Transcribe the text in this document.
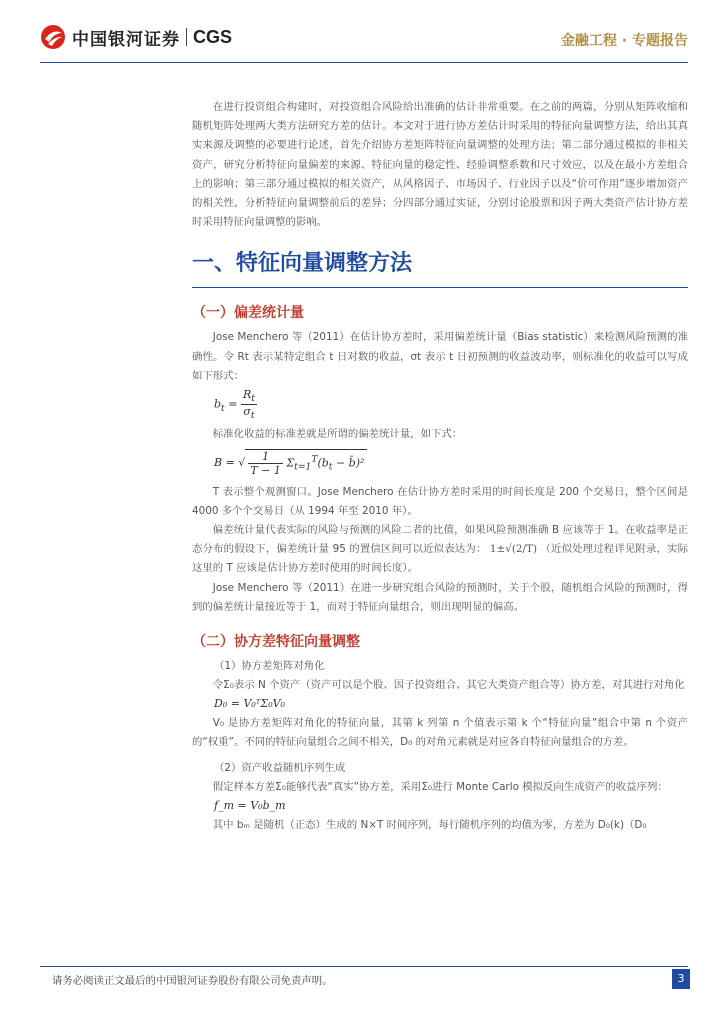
中国银河证券 CGS	金融工程 · 专题报告

在进行投资组合构建时，对投资组合风险给出准确的估计非常重要。在之前的两篇，分别从矩阵收缩和随机矩阵处理两大类方法研究方差的估计。本文对于进行协方差估计时采用的特征向量调整方法，给出其真实来源及调整的必要进行论述，首先介绍协方差矩阵特征向量调整的处理方法；第二部分通过模拟的非相关资产，研究分析特征向量偏差的来源、特征向量的稳定性、经验调整系数和尺寸效应，以及在最小方差组合上的影响；第三部分通过模拟的相关资产，从风格因子、市场因子、行业因子以及“价可作用”逐步增加资产的相关性，分析特征向量调整前后的差异；分四部分通过实证，分别讨论股票和因子两大类资产估计协方差时采用特征向量调整的影响。

一、特征向量调整方法
（一）偏差统计量

Jose Menchero 等（2011）在估计协方差时，采用偏差统计量（Bias statistic）来检测风险预测的准确性。令 Rt 表示某特定组合 t 日对数的收益，σt 表示 t 日初预测的收益波动率，则标准化的收益可以写成如下形式：

$b_t = \frac{R_t}{\sigma_t}$

标准化收益的标准差就是所谓的偏差统计量，如下式：

B = √ $\frac{1}{T - 1} \Sigma_{t=1}^T(b_t$ − b̄)²

T 表示整个观测窗口。Jose Menchero 在估计协方差时采用的时间长度是 200 个交易日，整个区间是 4000 多个个交易日（从 1994 年至 2010 年）。

偏差统计量代表实际的风险与预测的风险二者的比值，如果风险预测准确 B 应该等于 1。在收益率是正态分布的假设下，偏差统计量 95 的置信区间可以近似表达为： 1±√(2/T) （近似处理过程详见附录，实际这里的 T 应该是估计协方差时使用的时间长度）。

Jose Menchero 等（2011）在进一步研究组合风险的预测时，关于个股，随机组合风险的预测时，得到的偏差统计量接近等于 1，而对于特征向量组合，则出现明显的偏高。

（二）协方差特征向量调整
（1）协方差矩阵对角化

令Σ₀表示 N 个资产（资产可以是个股、因子投资组合、其它大类资产组合等）协方差，对其进行对角化

D₀ = V₀ᵀΣ₀V₀

V₀ 是协方差矩阵对角化的特征向量，其第 k 列第 n 个值表示第 k 个“特征向量”组合中第 n 个资产的“权重”。不同的特征向量组合之间不相关，D₀ 的对角元素就是对应各自特征向量组合的方差。

（2）资产收益随机序列生成

假定样本方差Σ₀能够代表“真实”协方差，采用Σ₀进行 Monte Carlo 模拟反向生成资产的收益序列：

f_m = V₀b_m

其中 bₘ 是随机（正态）生成的 N×T 时间序列，每行随机序列的均值为零，方差为 D₀(k)（D₀

请务必阅读正文最后的中国银河证券股份有限公司免责声明。	3
